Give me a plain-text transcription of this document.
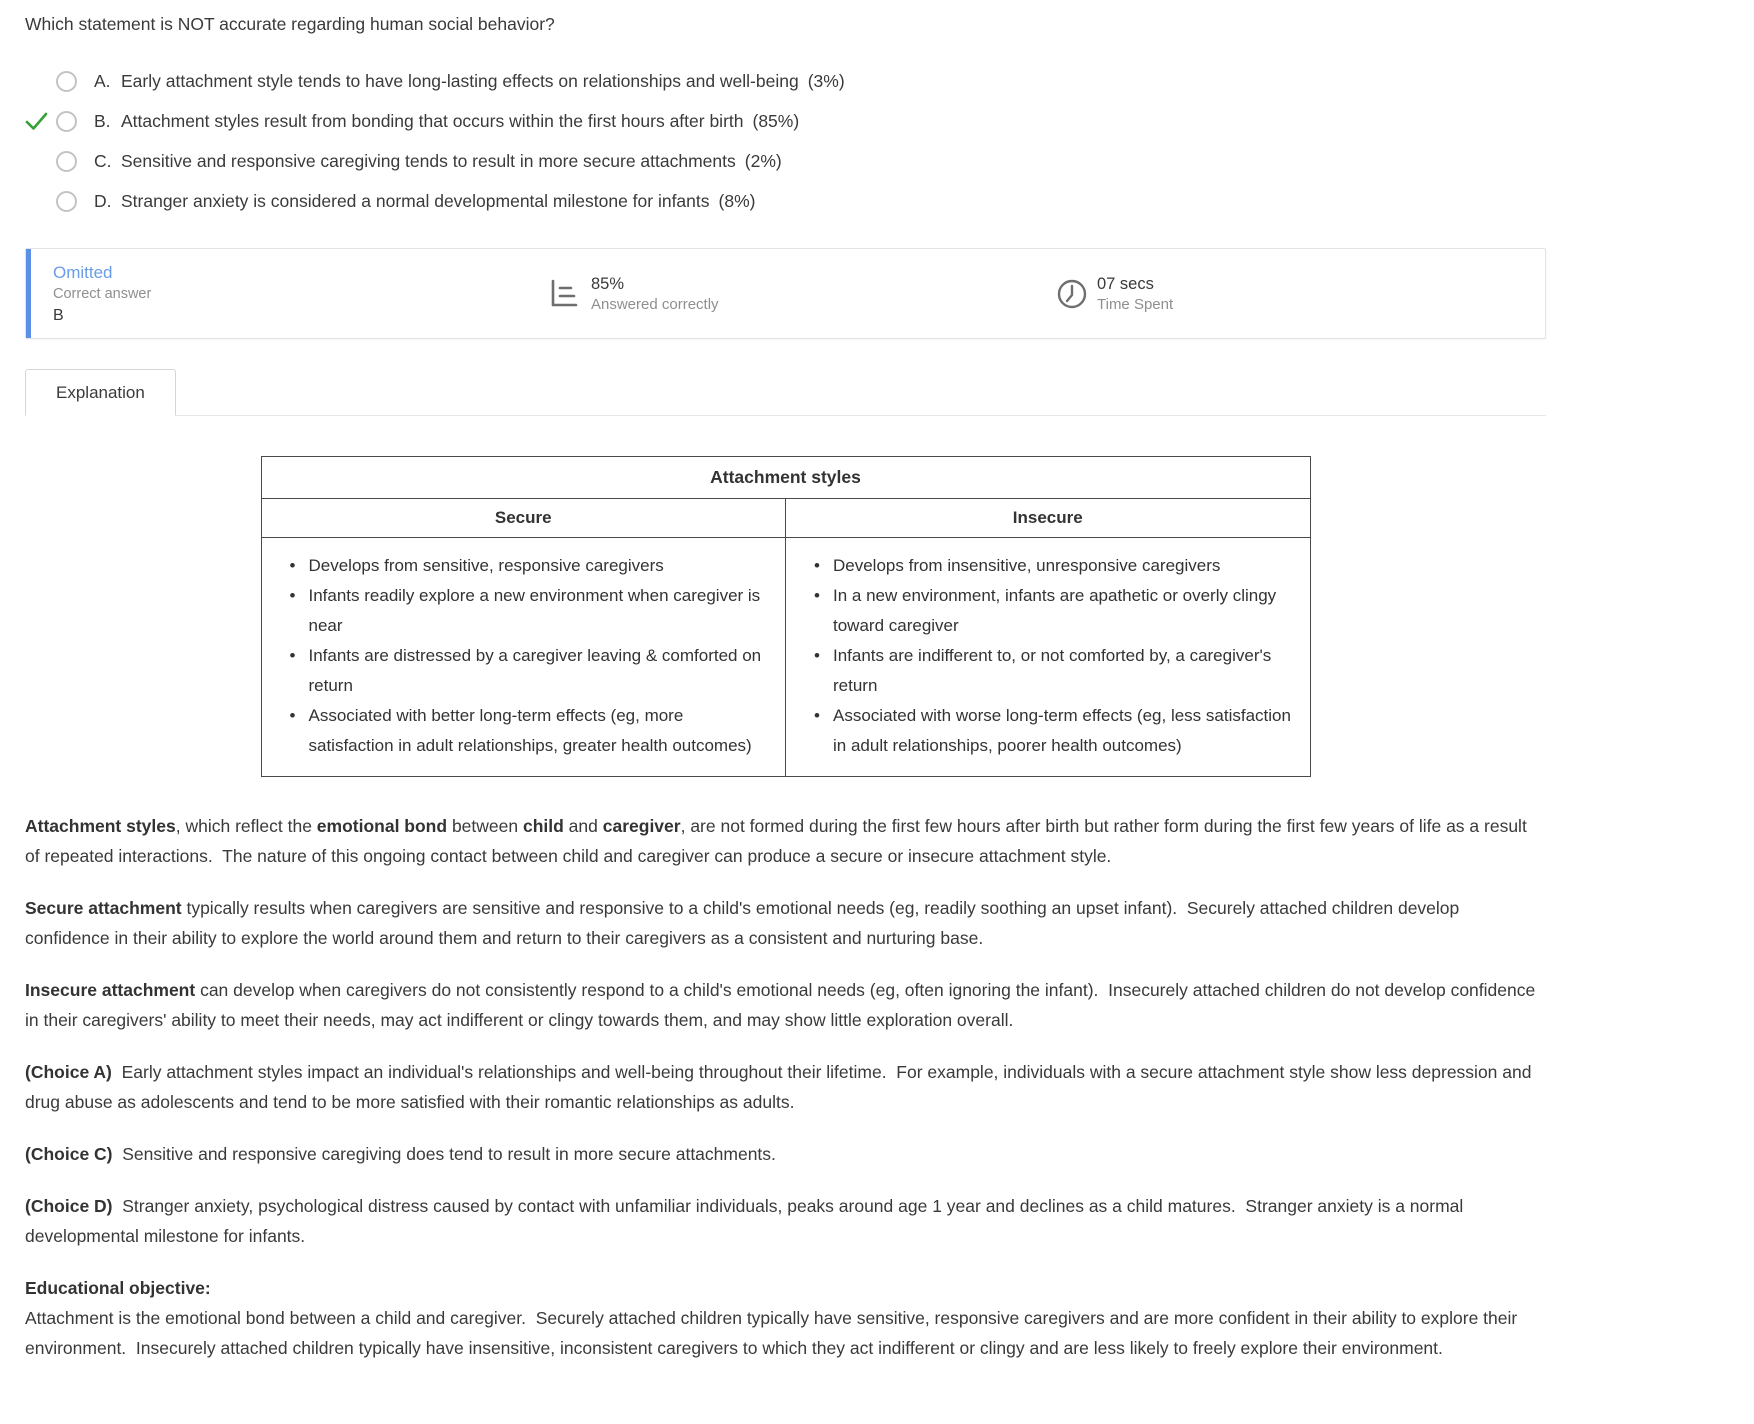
Which statement is NOT accurate regarding human social behavior?
A. Early attachment style tends to have long-lasting effects on relationships and well-being (3%)
B. Attachment styles result from bonding that occurs within the first hours after birth (85%)
C. Sensitive and responsive caregiving tends to result in more secure attachments (2%)
D. Stranger anxiety is considered a normal developmental milestone for infants (8%)
Omitted
Correct answer
B
85%
Answered correctly
07 secs
Time Spent
Explanation
Attachment styles	
Secure	Insecure

• Develops from sensitive, responsive caregivers
• Infants readily explore a new environment when caregiver is near
• Infants are distressed by a caregiver leaving & comforted on return
• Associated with better long-term effects (eg, more satisfaction in adult relationships, greater health outcomes)

• Develops from insensitive, unresponsive caregivers
• In a new environment, infants are apathetic or overly clingy toward caregiver
• Infants are indifferent to, or not comforted by, a caregiver's return
• Associated with worse long-term effects (eg, less satisfaction in adult relationships, poorer health outcomes)

Attachment styles, which reflect the emotional bond between child and caregiver, are not formed during the first few hours after birth but rather form during the first few years of life as a result of repeated interactions.  The nature of this ongoing contact between child and caregiver can produce a secure or insecure attachment style.

Secure attachment typically results when caregivers are sensitive and responsive to a child's emotional needs (eg, readily soothing an upset infant).  Securely attached children develop confidence in their ability to explore the world around them and return to their caregivers as a consistent and nurturing base.

Insecure attachment can develop when caregivers do not consistently respond to a child's emotional needs (eg, often ignoring the infant).  Insecurely attached children do not develop confidence in their caregivers' ability to meet their needs, may act indifferent or clingy towards them, and may show little exploration overall.

(Choice A)  Early attachment styles impact an individual's relationships and well-being throughout their lifetime.  For example, individuals with a secure attachment style show less depression and drug abuse as adolescents and tend to be more satisfied with their romantic relationships as adults.

(Choice C)  Sensitive and responsive caregiving does tend to result in more secure attachments.

(Choice D)  Stranger anxiety, psychological distress caused by contact with unfamiliar individuals, peaks around age 1 year and declines as a child matures.  Stranger anxiety is a normal developmental milestone for infants.

Educational objective:
Attachment is the emotional bond between a child and caregiver.  Securely attached children typically have sensitive, responsive caregivers and are more confident in their ability to explore their environment.  Insecurely attached children typically have insensitive, inconsistent caregivers to which they act indifferent or clingy and are less likely to freely explore their environment.
